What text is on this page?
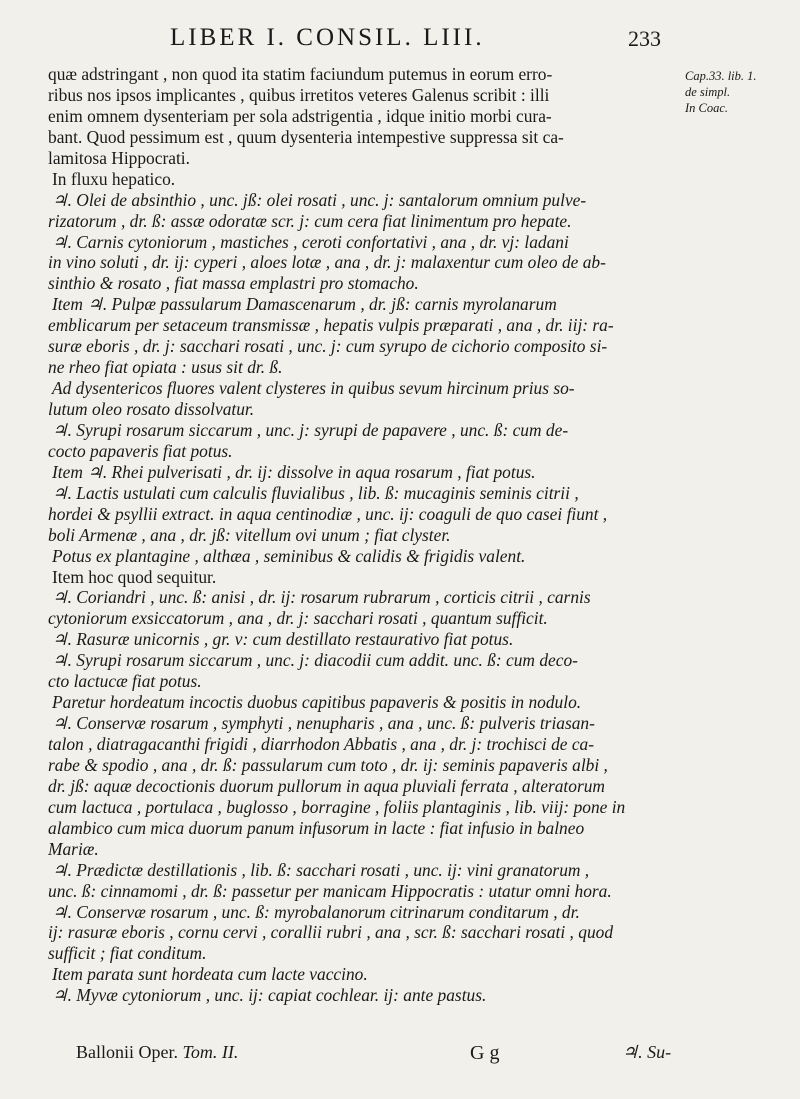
LIBER I. CONSIL. LIII.	233
Cap.33. lib. 1.
de simpl.
In Coac.
quæ adstringant , non quod ita statim faciundum putemus in eorum erro-
ribus nos ipsos implicantes , quibus irretitos veteres Galenus scribit : illi
enim omnem dysenteriam per sola adstrigentia , idque initio morbi cura-
bant. Quod pessimum est , quum dysenteria intempestive suppressa sit ca-
lamitosa Hippocrati.
In fluxu hepatico.
♃. Olei de absinthio , unc. jß: olei rosati , unc. j: santalorum omnium pulve-
rizatorum , dr. ß: assæ odoratæ scr. j: cum cera fiat linimentum pro hepate.
♃. Carnis cytoniorum , mastiches , ceroti confortativi , ana , dr. vj: ladani
in vino soluti , dr. ij: cyperi , aloes lotæ , ana , dr. j: malaxentur cum oleo de ab-
sinthio & rosato , fiat massa emplastri pro stomacho.
Item ♃. Pulpæ passularum Damascenarum , dr. jß: carnis myrolanarum
emblicarum per setaceum transmissæ , hepatis vulpis præparati , ana , dr. iij: ra-
suræ eboris , dr. j: sacchari rosati , unc. j: cum syrupo de cichorio composito si-
ne rheo fiat opiata : usus sit dr. ß.
Ad dysentericos fluores valent clysteres in quibus sevum hircinum prius so-
lutum oleo rosato dissolvatur.
♃. Syrupi rosarum siccarum , unc. j: syrupi de papavere , unc. ß: cum de-
cocto papaveris fiat potus.
Item ♃. Rhei pulverisati , dr. ij: dissolve in aqua rosarum , fiat potus.
♃. Lactis ustulati cum calculis fluvialibus , lib. ß: mucaginis seminis citrii ,
hordei & psyllii extract. in aqua centinodiæ , unc. ij: coaguli de quo casei fiunt ,
boli Armenæ , ana , dr. jß: vitellum ovi unum ; fiat clyster.
Potus ex plantagine , althæa , seminibus & calidis & frigidis valent.
Item hoc quod sequitur.
♃. Coriandri , unc. ß: anisi , dr. ij: rosarum rubrarum , corticis citrii , carnis
cytoniorum exsiccatorum , ana , dr. j: sacchari rosati , quantum sufficit.
♃. Rasuræ unicornis , gr. v: cum destillato restaurativo fiat potus.
♃. Syrupi rosarum siccarum , unc. j: diacodii cum addit. unc. ß: cum deco-
cto lactucæ fiat potus.
Paretur hordeatum incoctis duobus capitibus papaveris & positis in nodulo.
♃. Conservæ rosarum , symphyti , nenupharis , ana , unc. ß: pulveris triasan-
talon , diatragacanthi frigidi , diarrhodon Abbatis , ana , dr. j: trochisci de ca-
rabe & spodio , ana , dr. ß: passularum cum toto , dr. ij: seminis papaveris albi ,
dr. jß: aquæ decoctionis duorum pullorum in aqua pluviali ferrata , alteratorum
cum lactuca , portulaca , buglosso , borragine , foliis plantaginis , lib. viij: pone in
alambico cum mica duorum panum infusorum in lacte : fiat infusio in balneo
Mariæ.
♃. Prædictæ destillationis , lib. ß: sacchari rosati , unc. ij: vini granatorum ,
unc. ß: cinnamomi , dr. ß: passetur per manicam Hippocratis : utatur omni hora.
♃. Conservæ rosarum , unc. ß: myrobalanorum citrinarum conditarum , dr.
ij: rasuræ eboris , cornu cervi , corallii rubri , ana , scr. ß: sacchari rosati , quod
sufficit ; fiat conditum.
Item parata sunt hordeata cum lacte vaccino.
♃. Myvæ cytoniorum , unc. ij: capiat cochlear. ij: ante pastus.
Ballonii Oper. Tom. II.	G g	♃. Su-
